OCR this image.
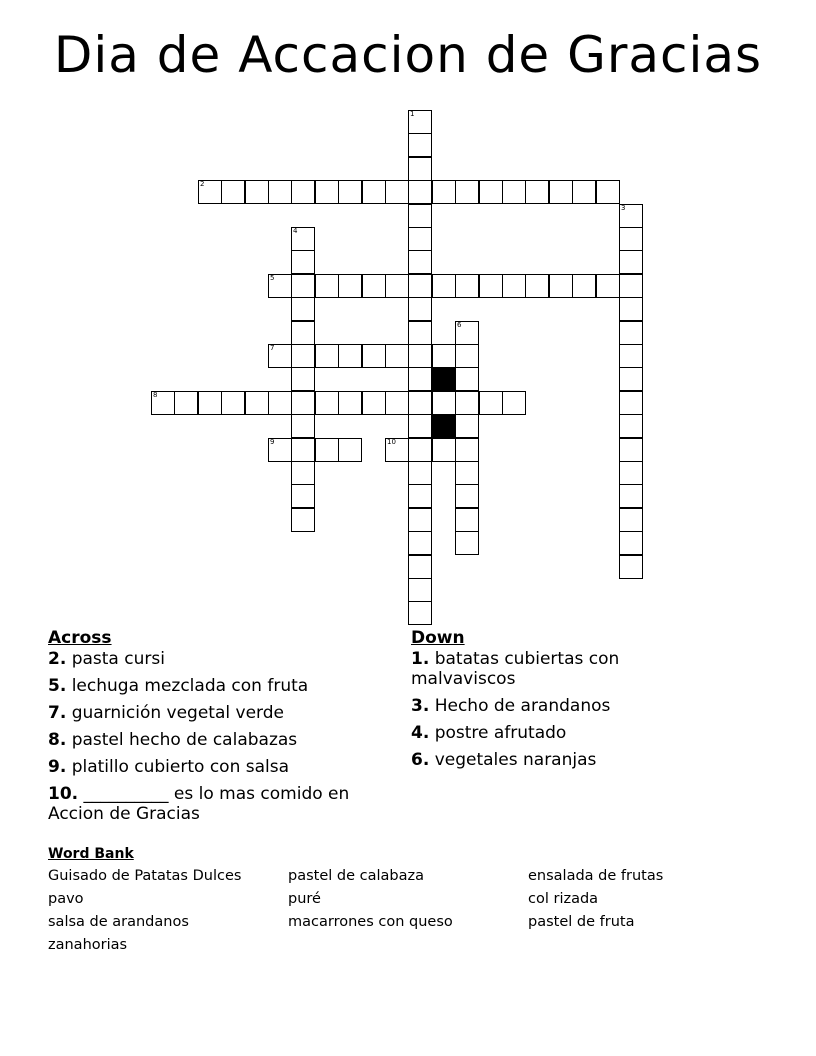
Dia de Accacion de Gracias
1
2
3
4
5
6
7
8
9	10
Across
2. pasta cursi
5. lechuga mezclada con fruta
7. guarnición vegetal verde
8. pastel hecho de calabazas
9. platillo cubierto con salsa
10. __________ es lo mas comido en Accion de Gracias
Down
1. batatas cubiertas con malvaviscos
3. Hecho de arandanos
4. postre afrutado
6. vegetales naranjas
Word Bank
Guisado de Patatas Dulces	pastel de calabaza	ensalada de frutas
pavo	puré	col rizada
salsa de arandanos	macarrones con queso	pastel de fruta
zanahorias
